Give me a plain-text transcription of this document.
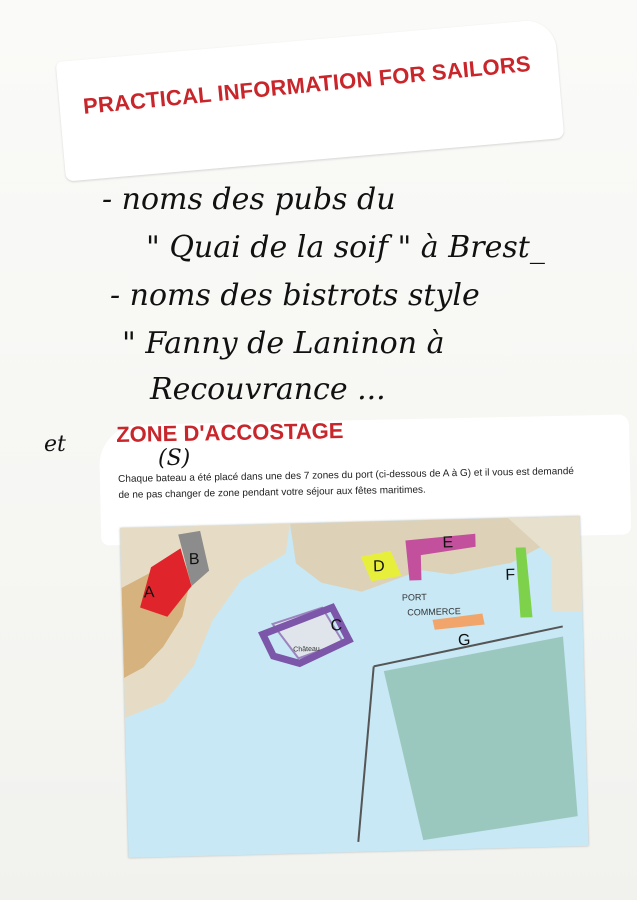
PRACTICAL INFORMATION FOR SAILORS
- noms des pubs du
" Quai de la soif " à Brest_
- noms des bistrots style
" Fanny de Laninon à
Recouvrance ...
et ZONE D'ACCOSTAGE
(S)
Chaque bateau a été placé dans une des 7 zones du port (ci-dessous de A à G) et il vous est demandé de ne pas changer de zone pendant votre séjour aux fêtes maritimes.
A
B
C
D
E
F
G
PORT
COMMERCE
Château
